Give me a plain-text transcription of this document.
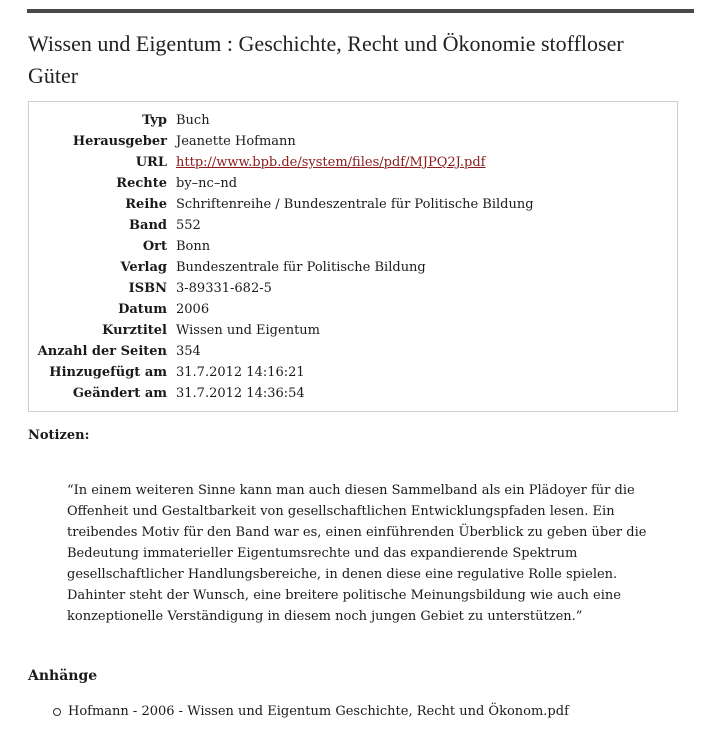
Wissen und Eigentum : Geschichte, Recht und Ökonomie stoffloser Güter
Typ	Buch
Herausgeber	Jeanette Hofmann
URL	http://www.bpb.de/system/files/pdf/MJPQ2J.pdf
Rechte	by–nc–nd
Reihe	Schriftenreihe / Bundeszentrale für Politische Bildung
Band	552
Ort	Bonn
Verlag	Bundeszentrale für Politische Bildung
ISBN	3-89331-682-5
Datum	2006
Kurztitel	Wissen und Eigentum
Anzahl der Seiten	354
Hinzugefügt am	31.7.2012 14:16:21
Geändert am	31.7.2012 14:36:54
Notizen:

“In einem weiteren Sinne kann man auch diesen Sammelband als ein Plädoyer für die Offenheit und Gestaltbarkeit von gesellschaftlichen Entwicklungspfaden lesen. Ein treibendes Motiv für den Band war es, einen einführenden Überblick zu geben über die Bedeutung immaterieller Eigentumsrechte und das expandierende Spektrum gesellschaftlicher Handlungsbereiche, in denen diese eine regulative Rolle spielen. Dahinter steht der Wunsch, eine breitere politische Meinungsbildung wie auch eine konzeptionelle Verständigung in diesem noch jungen Gebiet zu unterstützen.”

Anhänge
Hofmann - 2006 - Wissen und Eigentum Geschichte, Recht und Ökonom.pdf
